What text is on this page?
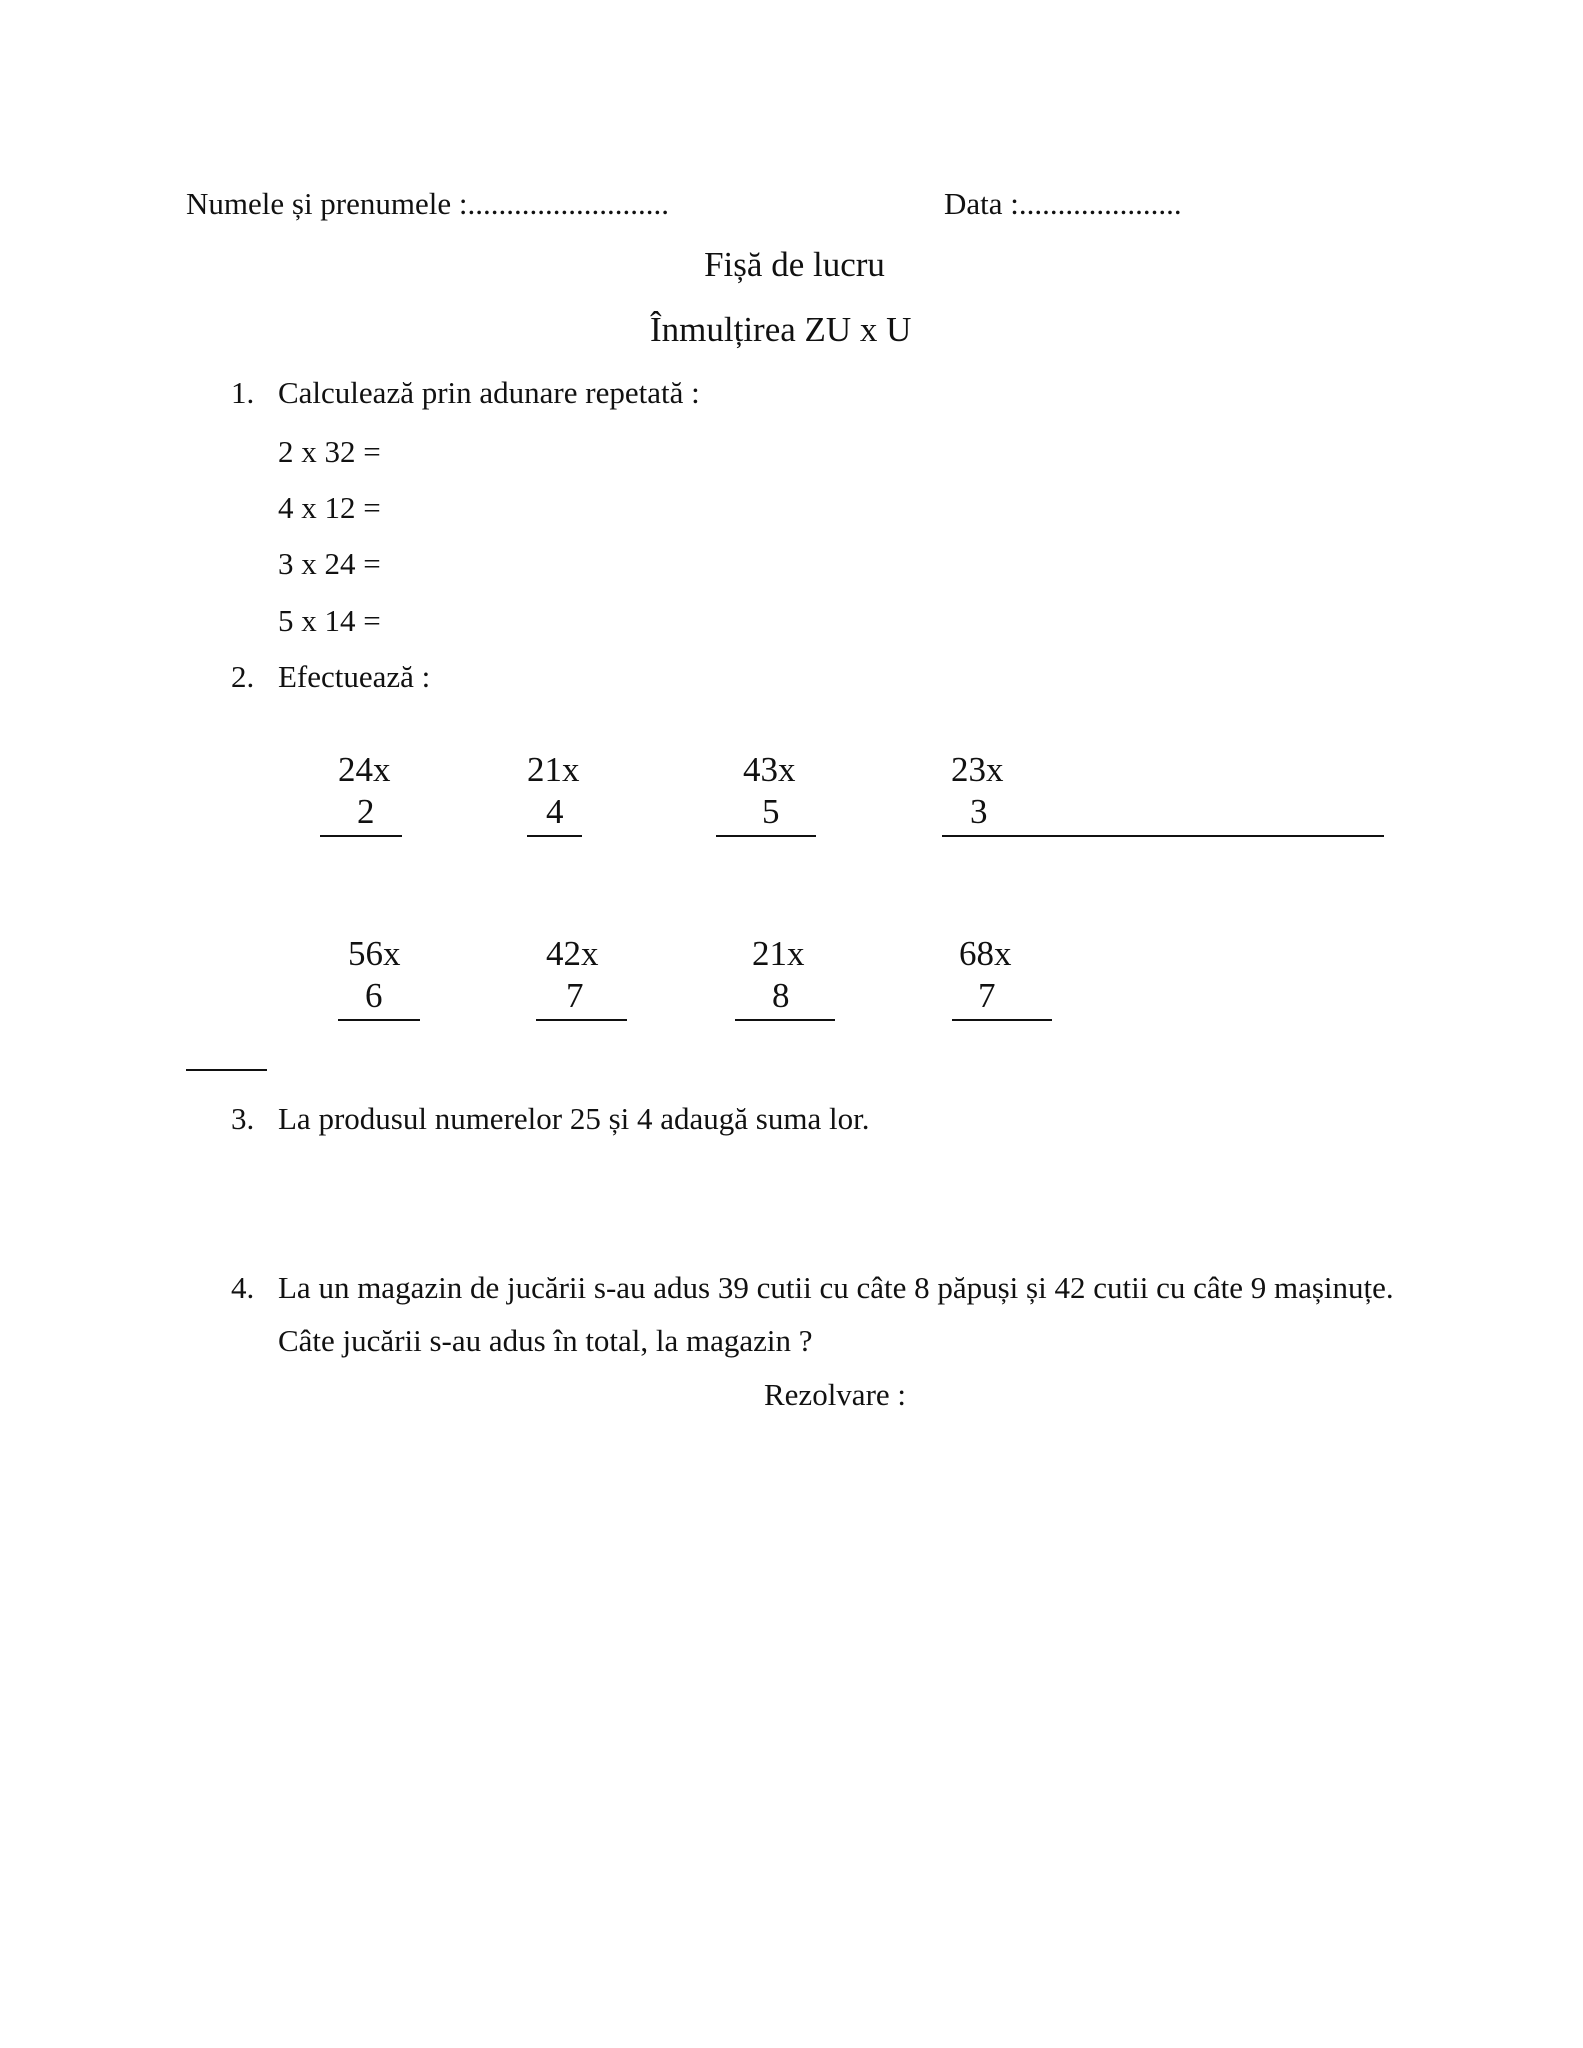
Numele și prenumele :..........................	Data :.....................
Fișă de lucru
Înmulțirea ZU x U
1. Calculează prin adunare repetată :
2 x 32 =
4 x 12 =
3 x 24 =
5 x 14 =
2. Efectuează :
24x
2
21x
4
43x
5
23x
3
56x
6
42x
7
21x
8
68x
7
3. La produsul numerelor 25 și 4 adaugă suma lor.
4. La un magazin de jucării s-au adus 39 cutii cu câte 8 păpuși și 42 cutii cu câte 9 mașinuțe.
Câte jucării s-au adus în total, la magazin ?
Rezolvare :
